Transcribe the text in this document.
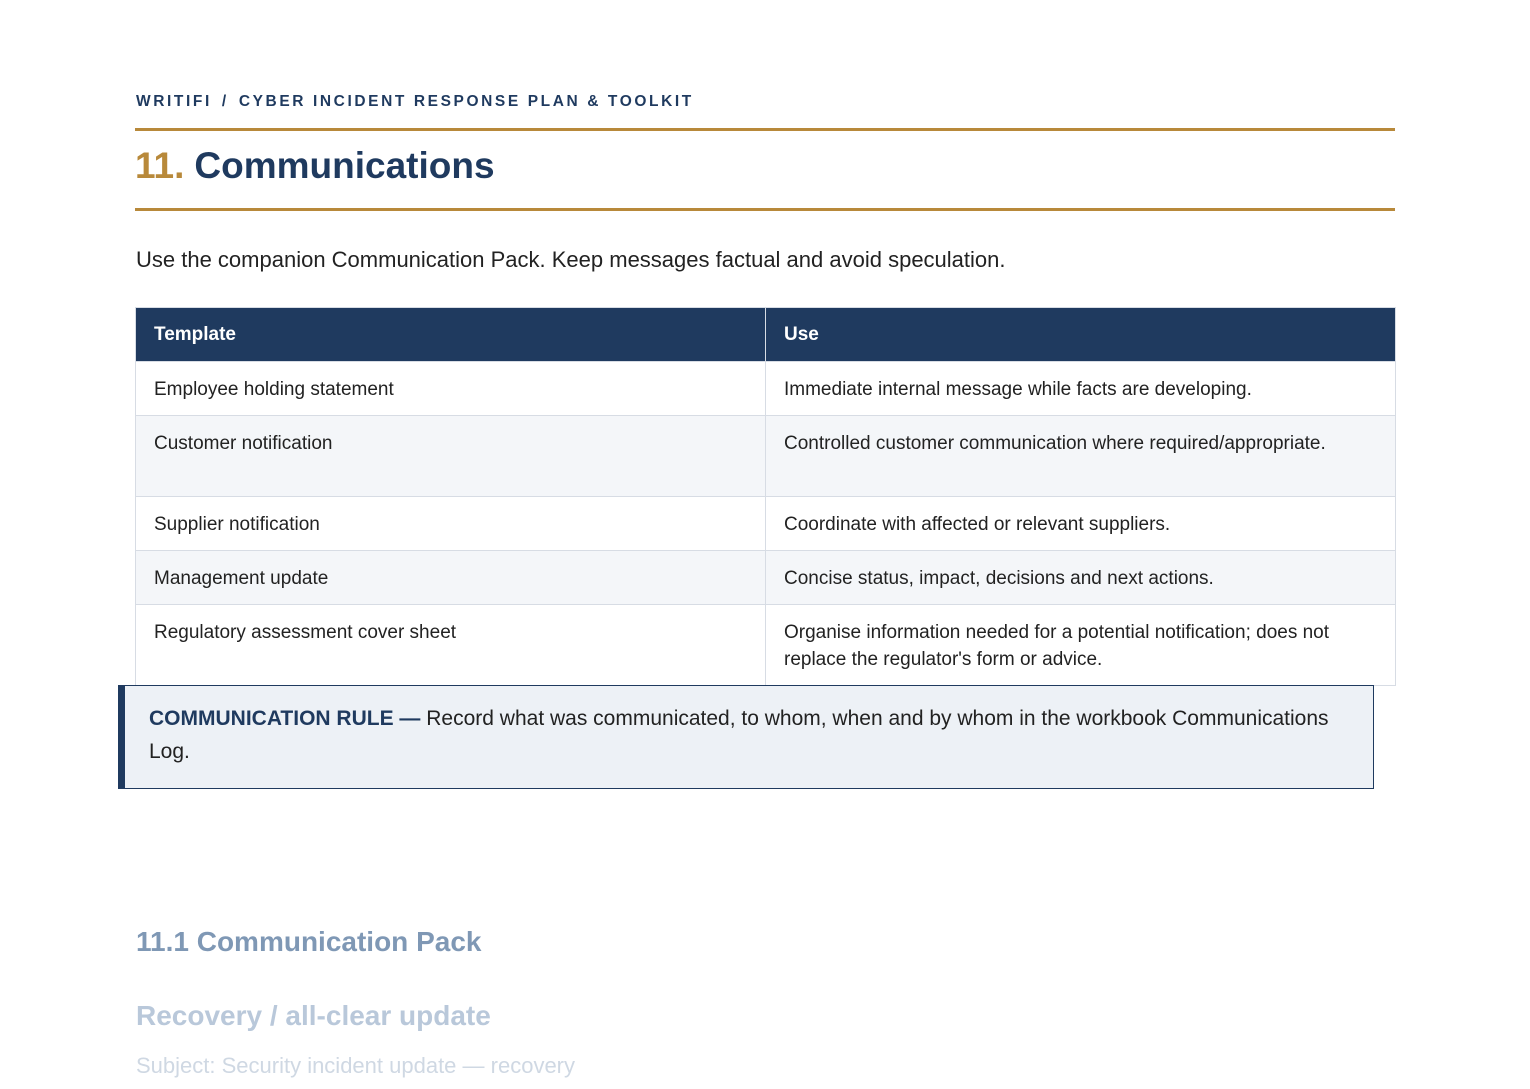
WRITIFI / CYBER INCIDENT RESPONSE PLAN & TOOLKIT
11. Communications

Use the companion Communication Pack. Keep messages factual and avoid speculation.

Template	Use
Employee holding statement	Immediate internal message while facts are developing.
Customer notification	Controlled customer communication where required/appropriate.
Supplier notification	Coordinate with affected or relevant suppliers.
Management update	Concise status, impact, decisions and next actions.
Regulatory assessment cover sheet	Organise information needed for a potential notification; does not replace the regulator's form or advice.
COMMUNICATION RULE — Record what was communicated, to whom, when and by whom in the workbook Communications Log.
11.1 Communication Pack
Recovery / all-clear update

Subject: Security incident update — recovery
